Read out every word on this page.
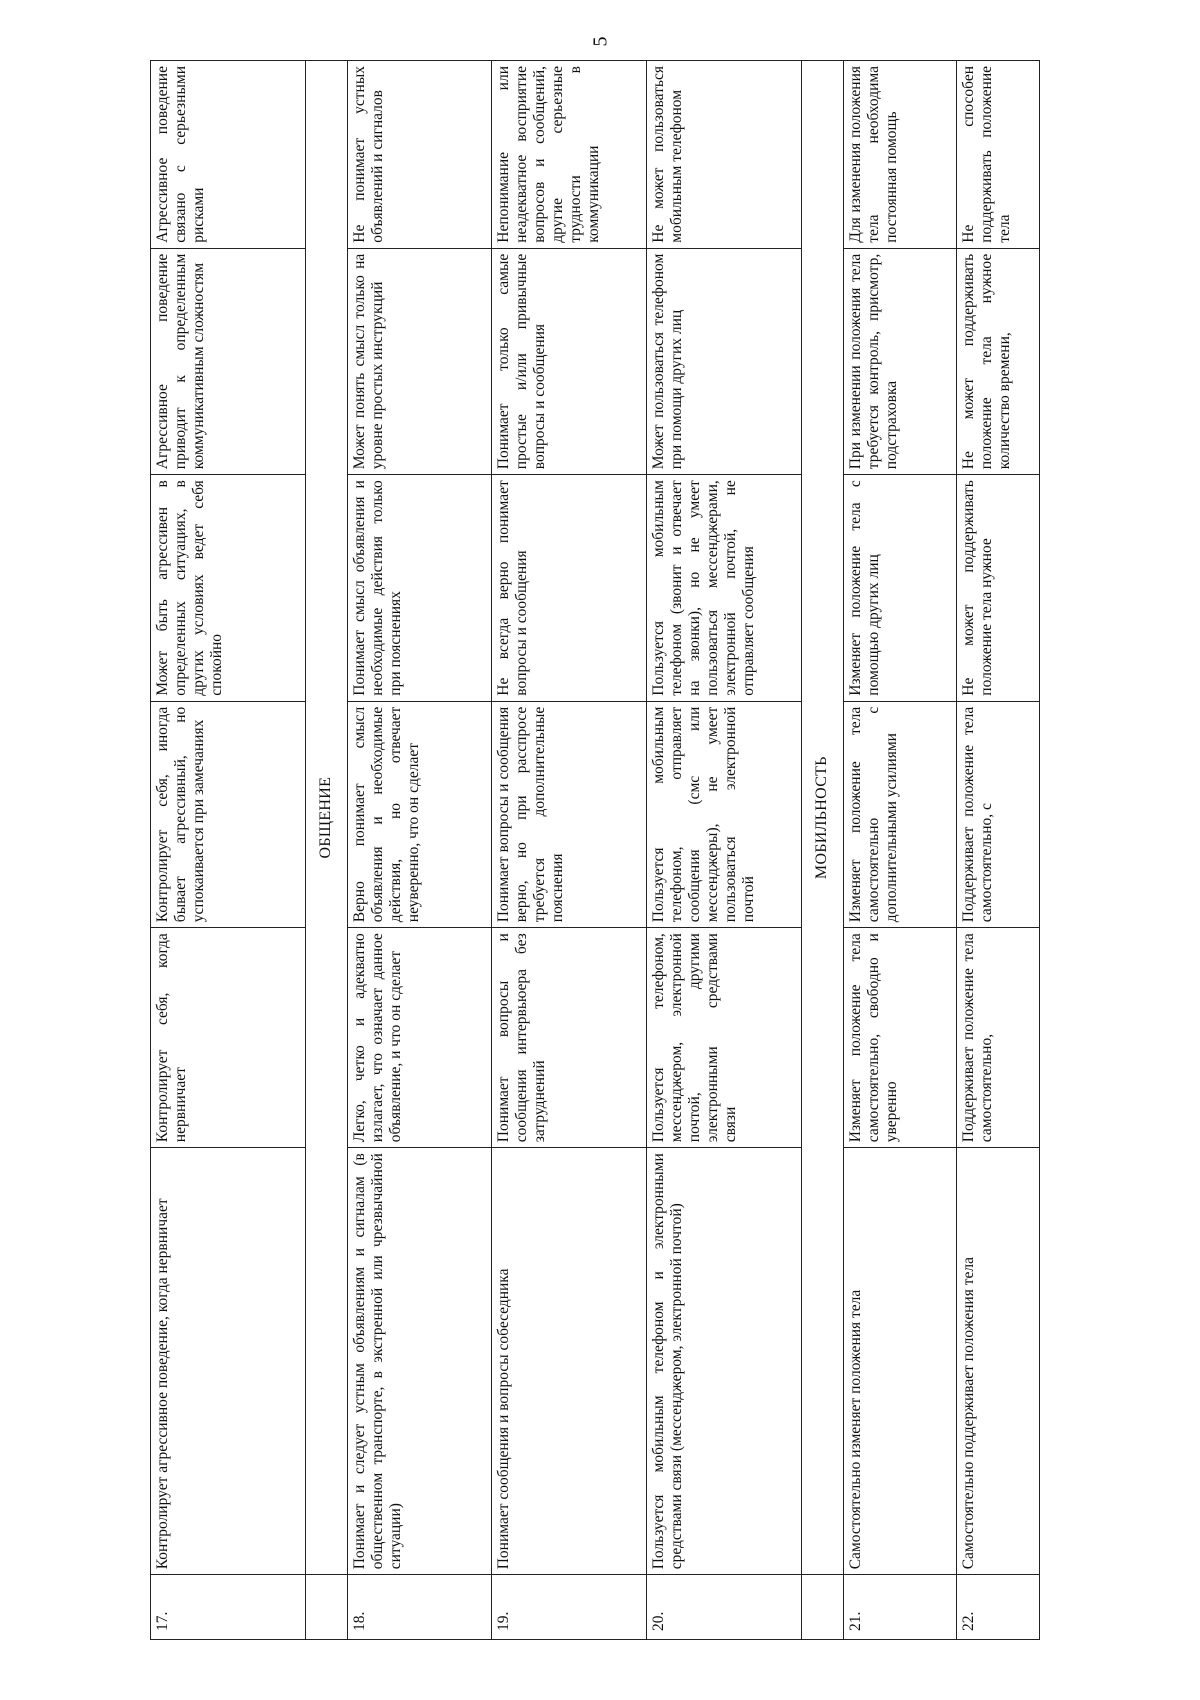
5
17.	Контролирует агрессивное поведение, когда нервничает	Контролирует себя, когда нервничает	Контролирует себя, иногда бывает агрессивный, но успокаивается при замечаниях	Может быть агрессивен в определенных ситуациях, в других условиях ведет себя спокойно	Агрессивное поведение приводит к определенным коммуникативным сложностям	Агрессивное поведение связано с серьезными рисками
	ОБЩЕНИЕ					
18.	Понимает и следует устным объявлениям и сигналам (в общественном транспорте, в экстренной или чрезвычайной ситуации)	Легко, четко и адекватно излагает, что означает данное объявление, и что он сделает	Верно понимает смысл объявления и необходимые действия, но отвечает неуверенно, что он сделает	Понимает смысл объявления и необходимые действия только при пояснениях	Может понять смысл только на уровне простых инструкций	Не понимает устных объявлений и сигналов
19.	Понимает сообщения и вопросы собеседника	Понимает вопросы и сообщения интервьюера без затруднений	Понимает вопросы и сообщения верно, но при расспросе требуется дополнительные пояснения	Не всегда верно понимает вопросы и сообщения	Понимает только самые простые и/или привычные вопросы и сообщения	Непонимание или неадекватное восприятие вопросов и сообщений, другие серьезные трудности в коммуникации
20.	Пользуется мобильным телефоном и электронными средствами связи (мессенджером, электронной почтой)	Пользуется телефоном, мессенджером, электронной почтой, другими электронными средствами связи	Пользуется мобильным телефоном, отправляет сообщения (смс или мессенджеры), не умеет пользоваться электронной почтой	Пользуется мобильным телефоном (звонит и отвечает на звонки), но не умеет пользоваться мессенджерами, электронной почтой, не отправляет сообщения	Может пользоваться телефоном при помощи других лиц	Не может пользоваться мобильным телефоном
	МОБИЛЬНОСТЬ					
21.	Самостоятельно изменяет положения тела	Изменяет положение тела самостоятельно, свободно и уверенно	Изменяет положение тела самостоятельно с дополнительными усилиями	Изменяет положение тела с помощью других лиц	При изменении положения тела требуется контроль, присмотр, подстраховка	Для изменения положения тела необходима постоянная помощь
22.	Самостоятельно поддерживает положения тела	Поддерживает положение тела самостоятельно,	Поддерживает положение тела самостоятельно, с	Не может поддерживать положение тела нужное	Не может поддерживать положение тела нужное количество времени,	Не способен поддерживать положение тела
